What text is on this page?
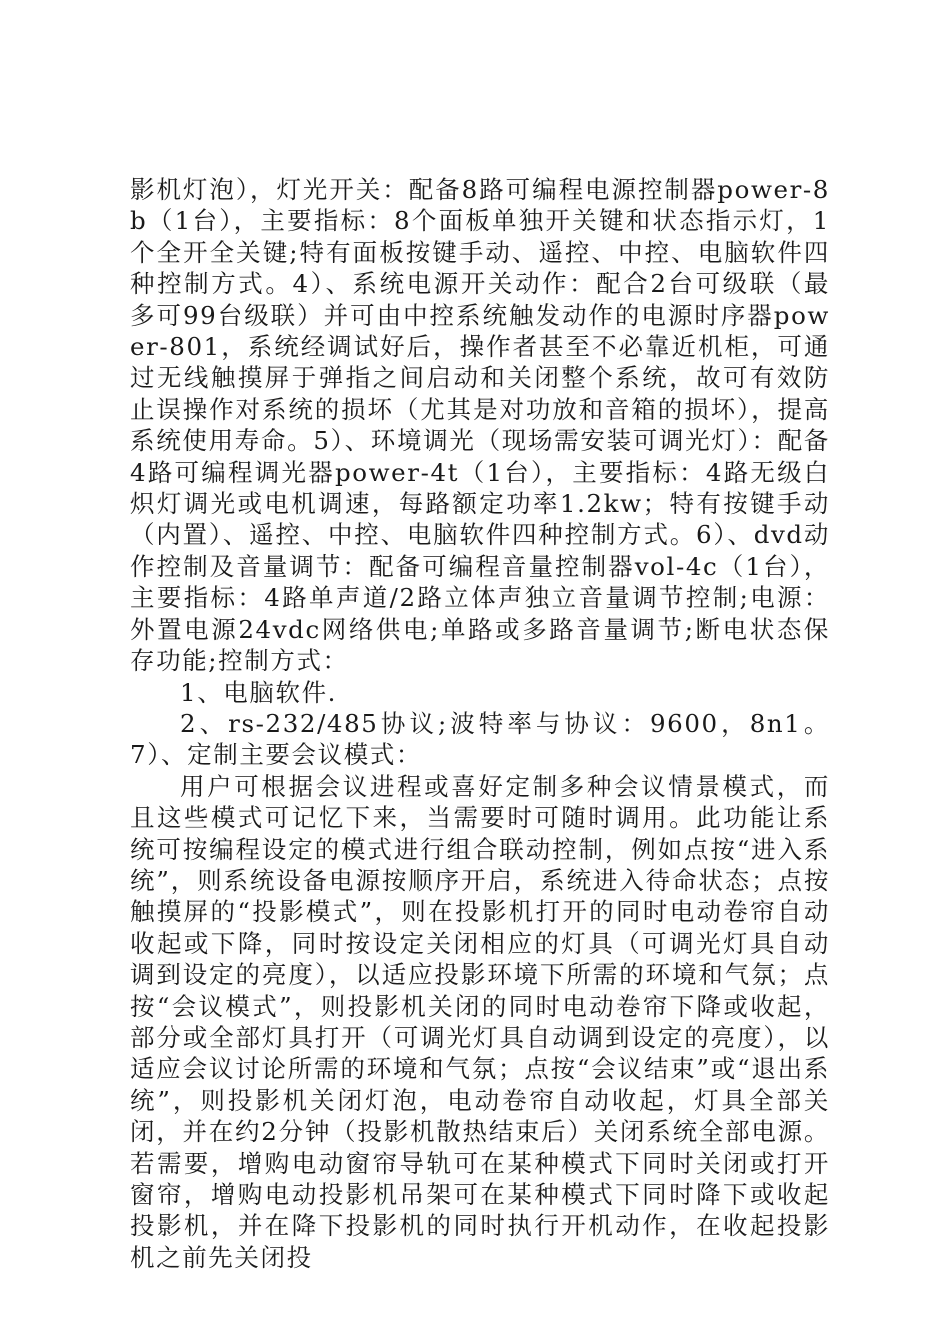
影机灯泡），灯光开关：配备8路可编程电源控制器power-8b（1台），主要指标：8个面板单独开关键和状态指示灯，1个全开全关键;特有面板按键手动、遥控、中控、电脑软件四种控制方式。4）、系统电源开关动作：配合2台可级联（最多可99台级联）并可由中控系统触发动作的电源时序器power-801，系统经调试好后，操作者甚至不必靠近机柜，可通过无线触摸屏于弹指之间启动和关闭整个系统，故可有效防止误操作对系统的损坏（尤其是对功放和音箱的损坏），提高系统使用寿命。5）、环境调光（现场需安装可调光灯）：配备4路可编程调光器power-4t（1台），主要指标：4路无级白炽灯调光或电机调速，每路额定功率1.2kw；特有按键手动（内置）、遥控、中控、电脑软件四种控制方式。6）、dvd动作控制及音量调节：配备可编程音量控制器vol-4c（1台），主要指标：4路单声道/2路立体声独立音量调节控制;电源：外置电源24vdc网络供电;单路或多路音量调节;断电状态保存功能;控制方式：

1、电脑软件.

2、rs-232/485协议;波特率与协议：9600，8n1。7）、定制主要会议模式：

用户可根据会议进程或喜好定制多种会议情景模式，而且这些模式可记忆下来，当需要时可随时调用。此功能让系统可按编程设定的模式进行组合联动控制，例如点按“进入系统”，则系统设备电源按顺序开启，系统进入待命状态；点按触摸屏的“投影模式”，则在投影机打开的同时电动卷帘自动收起或下降，同时按设定关闭相应的灯具（可调光灯具自动调到设定的亮度），以适应投影环境下所需的环境和气氛；点按“会议模式”，则投影机关闭的同时电动卷帘下降或收起，部分或全部灯具打开（可调光灯具自动调到设定的亮度），以适应会议讨论所需的环境和气氛；点按“会议结束”或“退出系统”，则投影机关闭灯泡，电动卷帘自动收起，灯具全部关闭，并在约2分钟（投影机散热结束后）关闭系统全部电源。若需要，增购电动窗帘导轨可在某种模式下同时关闭或打开窗帘，增购电动投影机吊架可在某种模式下同时降下或收起投影机，并在降下投影机的同时执行开机动作，在收起投影机之前先关闭投
